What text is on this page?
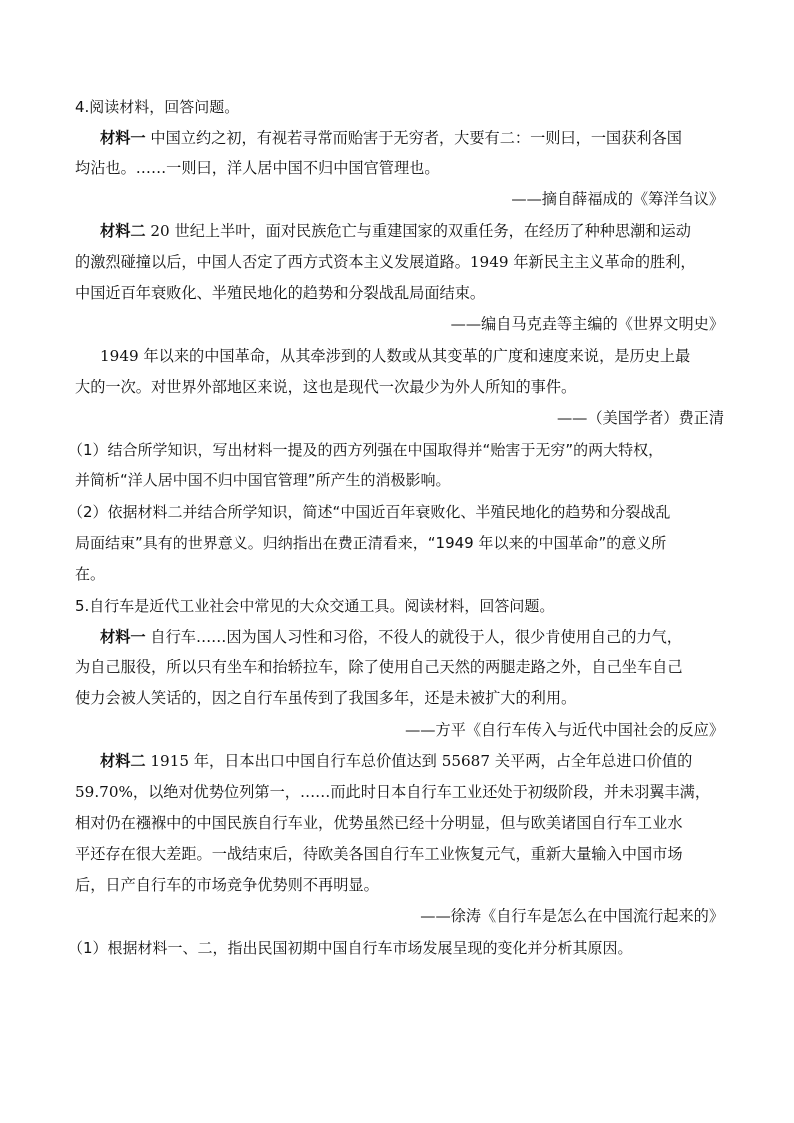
4.阅读材料，回答问题。
材料一 中国立约之初，有视若寻常而贻害于无穷者，大要有二：一则曰，一国获利各国
均沾也。……一则曰，洋人居中国不归中国官管理也。
——摘自薛福成的《筹洋刍议》
材料二 20 世纪上半叶，面对民族危亡与重建国家的双重任务，在经历了种种思潮和运动
的激烈碰撞以后，中国人否定了西方式资本主义发展道路。1949 年新民主主义革命的胜利，
中国近百年衰败化、半殖民地化的趋势和分裂战乱局面结束。
——编自马克垚等主编的《世界文明史》
1949 年以来的中国革命，从其牵涉到的人数或从其变革的广度和速度来说，是历史上最
大的一次。对世界外部地区来说，这也是现代一次最少为外人所知的事件。
——（美国学者）费正清
（1）结合所学知识，写出材料一提及的西方列强在中国取得并“贻害于无穷”的两大特权，
并简析“洋人居中国不归中国官管理”所产生的消极影响。
（2）依据材料二并结合所学知识，简述“中国近百年衰败化、半殖民地化的趋势和分裂战乱
局面结束”具有的世界意义。归纳指出在费正清看来，“1949 年以来的中国革命”的意义所
在。
5.自行车是近代工业社会中常见的大众交通工具。阅读材料，回答问题。
材料一 自行车……因为国人习性和习俗，不役人的就役于人，很少肯使用自己的力气，
为自己服役，所以只有坐车和抬轿拉车，除了使用自己天然的两腿走路之外，自己坐车自己
使力会被人笑话的，因之自行车虽传到了我国多年，还是未被扩大的利用。
——方平《自行车传入与近代中国社会的反应》
材料二 1915 年，日本出口中国自行车总价值达到 55687 关平两，占全年总进口价值的
59.70%，以绝对优势位列第一，……而此时日本自行车工业还处于初级阶段，并未羽翼丰满，
相对仍在襁褓中的中国民族自行车业，优势虽然已经十分明显，但与欧美诸国自行车工业水
平还存在很大差距。一战结束后，待欧美各国自行车工业恢复元气，重新大量输入中国市场
后，日产自行车的市场竞争优势则不再明显。
——徐涛《自行车是怎么在中国流行起来的》
（1）根据材料一、二，指出民国初期中国自行车市场发展呈现的变化并分析其原因。
